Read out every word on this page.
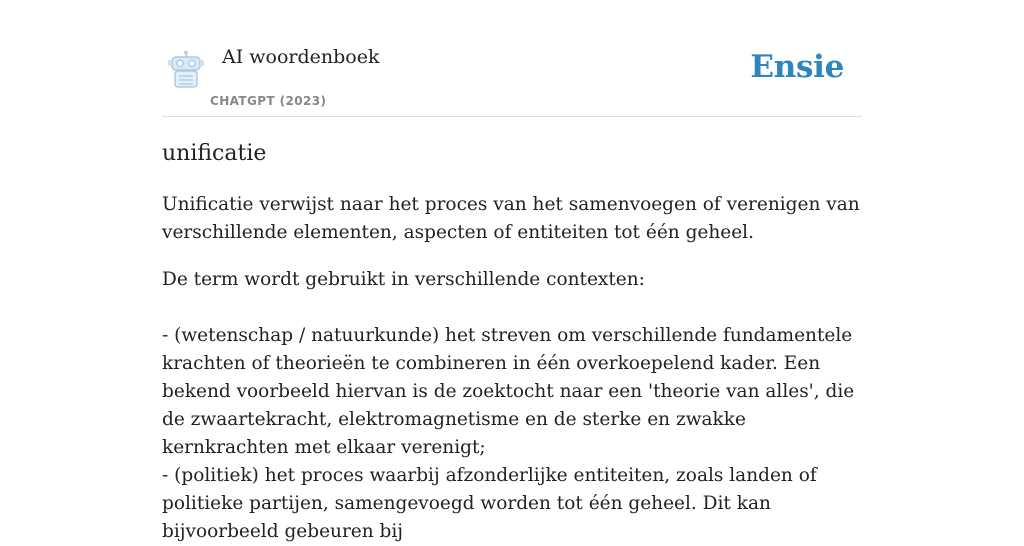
AI woordenboek
CHATGPT (2023)
Ensie
unificatie

Unificatie verwijst naar het proces van het samenvoegen of verenigen van verschillende elementen, aspecten of entiteiten tot één geheel.

De term wordt gebruikt in verschillende contexten:

- (wetenschap / natuurkunde) het streven om verschillende fundamentele krachten of theorieën te combineren in één overkoepelend kader. Een bekend voorbeeld hiervan is de zoektocht naar een 'theorie van alles', die de zwaartekracht, elektromagnetisme en de sterke en zwakke kernkrachten met elkaar verenigt;

- (politiek) het proces waarbij afzonderlijke entiteiten, zoals landen of politieke partijen, samengevoegd worden tot één geheel. Dit kan bijvoorbeeld gebeuren bij
